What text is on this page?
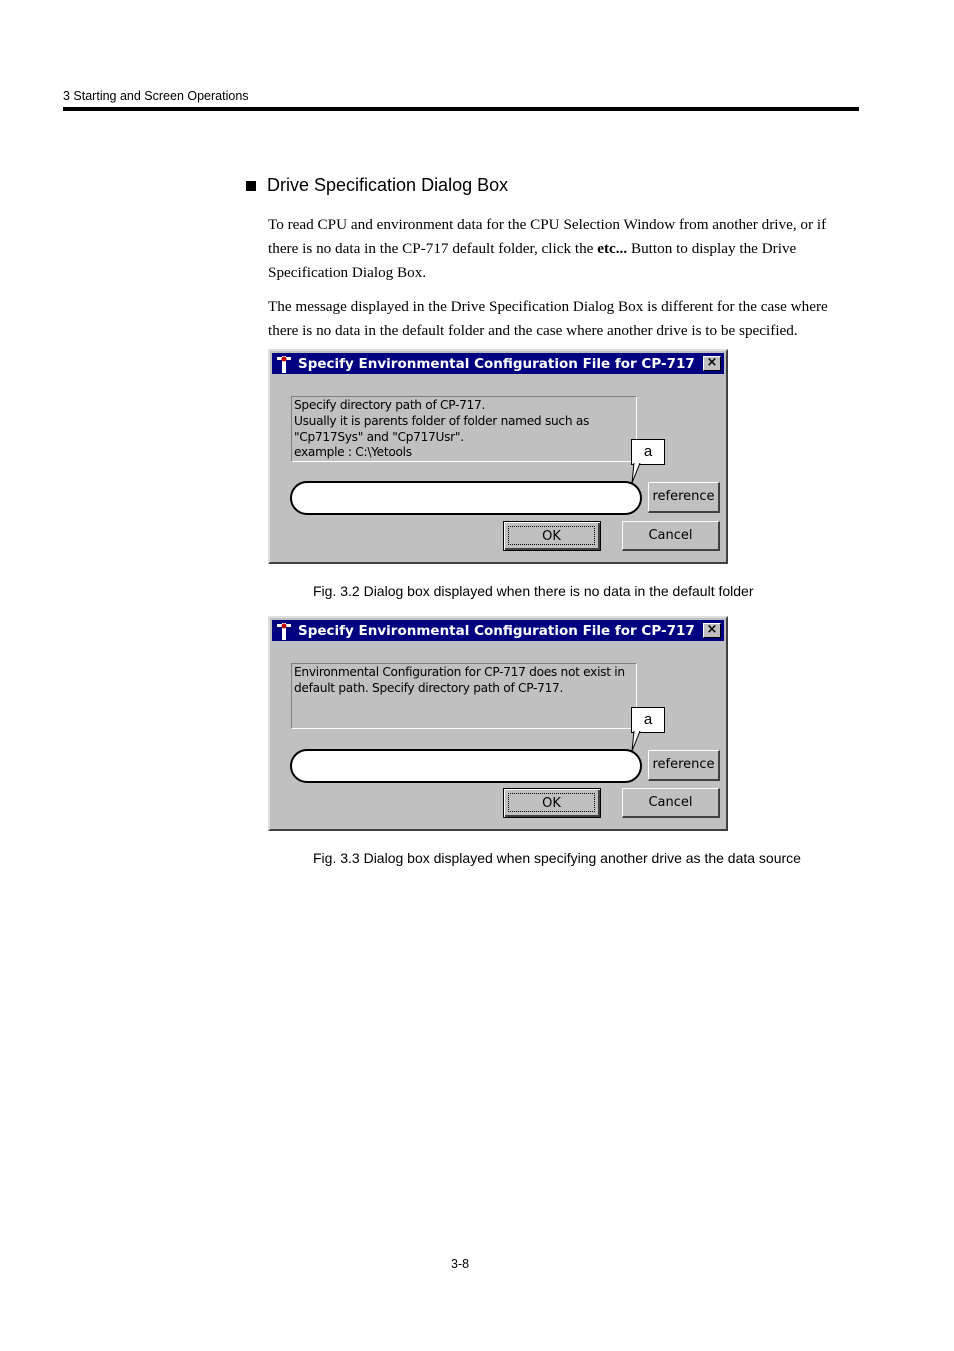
3 Starting and Screen Operations
Drive Specification Dialog Box

To read CPU and environment data for the CPU Selection Window from another drive, or if there is no data in the CP-717 default folder, click the etc... Button to display the Drive Specification Dialog Box.

The message displayed in the Drive Specification Dialog Box is different for the case where there is no data in the default folder and the case where another drive is to be specified.

Specify Environmental Configuration File for CP-717 ×
Specify directory path of CP-717.
Usually it is parents folder of folder named such as
"Cp717Sys" and "Cp717Usr".
example : C:\Yetools	a
reference
OK	Cancel
Fig. 3.2 Dialog box displayed when there is no data in the default folder
Specify Environmental Configuration File for CP-717 ×
Environmental Configuration for CP-717 does not exist in
default path. Specify directory path of CP-717.
a
reference
OK	Cancel
Fig. 3.3 Dialog box displayed when specifying another drive as the data source
3-8
